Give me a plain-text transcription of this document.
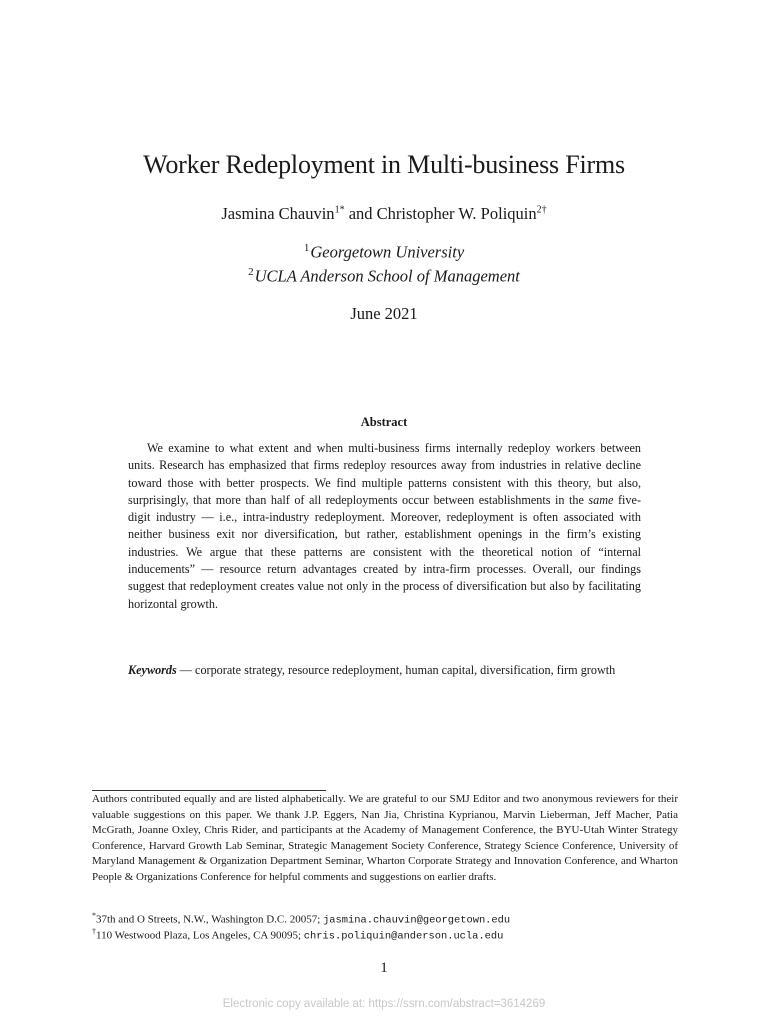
Worker Redeployment in Multi-business Firms
Jasmina Chauvin$^{1*}$ and Christopher W. Poliquin$^{2\dagger}$
$^1$Georgetown University
$^2$UCLA Anderson School of Management
June 2021
Abstract

We examine to what extent and when multi-business firms internally redeploy workers between units. Research has emphasized that firms redeploy resources away from industries in relative decline toward those with better prospects. We find multiple patterns consistent with this theory, but also, surprisingly, that more than half of all redeployments occur between establishments in the same five-digit industry — i.e., intra-industry redeployment. Moreover, redeployment is often associated with neither business exit nor diversification, but rather, establishment openings in the firm’s existing industries. We argue that these patterns are consistent with the theoretical notion of “internal inducements” — resource return advantages created by intra-firm processes. Overall, our findings suggest that redeployment creates value not only in the process of diversification but also by facilitating horizontal growth.

Keywords — corporate strategy, resource redeployment, human capital, diversification, firm growth

Authors contributed equally and are listed alphabetically. We are grateful to our SMJ Editor and two anonymous reviewers for their valuable suggestions on this paper. We thank J.P. Eggers, Nan Jia, Christina Kyprianou, Marvin Lieberman, Jeff Macher, Patia McGrath, Joanne Oxley, Chris Rider, and participants at the Academy of Management Conference, the BYU-Utah Winter Strategy Conference, Harvard Growth Lab Seminar, Strategic Management Society Conference, Strategy Science Conference, University of Maryland Management & Organization Department Seminar, Wharton Corporate Strategy and Innovation Conference, and Wharton People & Organizations Conference for helpful comments and suggestions on earlier drafts.

*37th and O Streets, N.W., Washington D.C. 20057; jasmina.chauvin@georgetown.edu

†110 Westwood Plaza, Los Angeles, CA 90095; chris.poliquin@anderson.ucla.edu

1
Electronic copy available at: https://ssrn.com/abstract=3614269
